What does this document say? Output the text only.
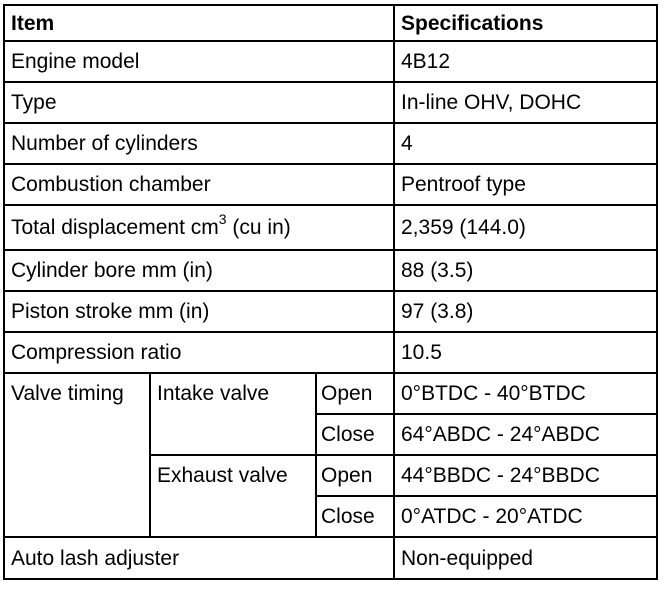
Item			Specifications
Engine model			4B12
Type			In-line OHV, DOHC
Number of cylinders			4
Combustion chamber			Pentroof type
Total displacement $cm^3$ (cu in)			2,359 (144.0)
Cylinder bore mm (in)			88 (3.5)
Piston stroke mm (in)			97 (3.8)
Compression ratio			10.5
Valve timing	Intake valve	Open	0°BTDC - 40°BTDC
		Close	64°ABDC - 24°ABDC
	Exhaust valve	Open	44°BBDC - 24°BBDC
		Close	0°ATDC - 20°ATDC
Auto lash adjuster			Non-equipped
